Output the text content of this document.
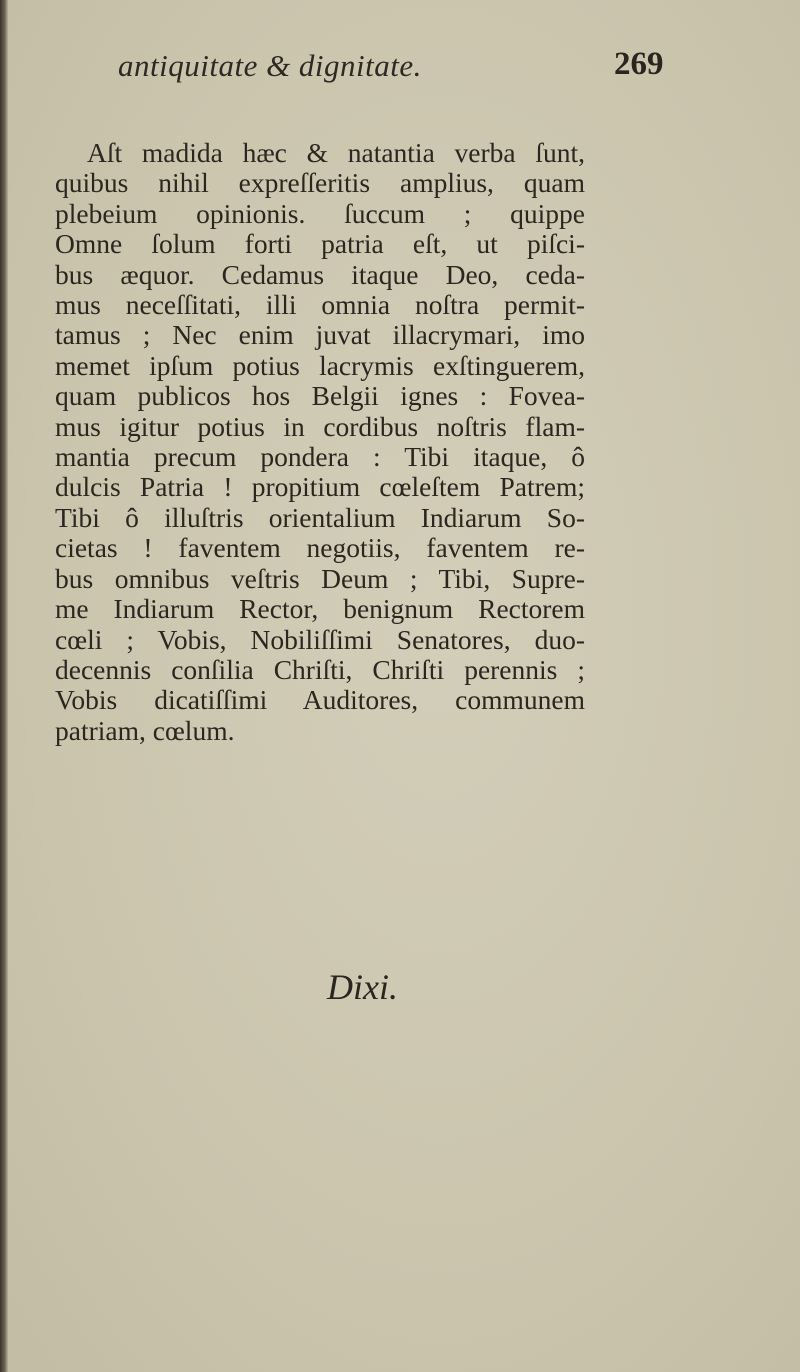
antiquitate & dignitate.	269
Aſt madida hæc & natantia verba ſunt,
quibus nihil expreſſeritis amplius, quam
plebeium opinionis. ſuccum ; quippe
Omne ſolum forti patria eſt, ut piſci-
bus æquor. Cedamus itaque Deo, ceda-
mus neceſſitati, illi omnia noſtra permit-
tamus ; Nec enim juvat illacrymari, imo
memet ipſum potius lacrymis exſtinguerem,
quam publicos hos Belgii ignes : Fovea-
mus igitur potius in cordibus noſtris flam-
mantia precum pondera : Tibi itaque, ô
dulcis Patria ! propitium cœleſtem Patrem;
Tibi ô illuſtris orientalium Indiarum So-
cietas ! faventem negotiis, faventem re-
bus omnibus veſtris Deum ; Tibi, Supre-
me Indiarum Rector, benignum Rectorem
cœli ; Vobis, Nobiliſſimi Senatores, duo-
decennis conſilia Chriſti, Chriſti perennis ;
Vobis dicatiſſimi Auditores, communem
patriam, cœlum.
Dixi.
